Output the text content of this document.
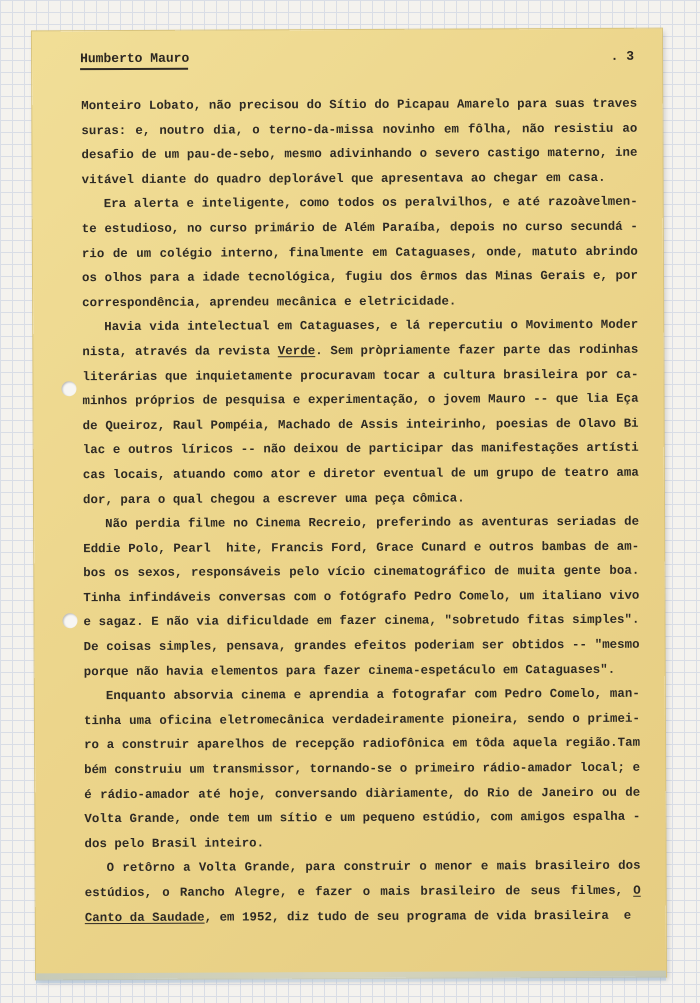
Humberto Mauro	. 3
Monteiro Lobato, não precisou do Sítio do Picapau Amarelo para suas traves
suras: e, noutro dia, o terno-da-missa novinho em fôlha, não resistiu ao
desafio de um pau-de-sebo, mesmo adivinhando o severo castigo materno, ine
vitável diante do quadro deplorável que apresentava ao chegar em casa.
Era alerta e inteligente, como todos os peralvilhos, e até razoàvelmen-
te estudioso, no curso primário de Além Paraíba, depois no curso secundá -
rio de um colégio interno, finalmente em Cataguases, onde, matuto abrindo
os olhos para a idade tecnológica, fugiu dos êrmos das Minas Gerais e, por
correspondência, aprendeu mecânica e eletricidade.
Havia vida intelectual em Cataguases, e lá repercutiu o Movimento Moder
nista, através da revista Verde. Sem pròpriamente fazer parte das rodinhas
literárias que inquietamente procuravam tocar a cultura brasileira por ca-
minhos próprios de pesquisa e experimentação, o jovem Mauro -- que lia Eça
de Queiroz, Raul Pompéia, Machado de Assis inteirinho, poesias de Olavo Bi
lac e outros líricos -- não deixou de participar das manifestações artísti
cas locais, atuando como ator e diretor eventual de um grupo de teatro ama
dor, para o qual chegou a escrever uma peça cômica.
Não perdia filme no Cinema Recreio, preferindo as aventuras seriadas de
Eddie Polo, Pearl  hite, Francis Ford, Grace Cunard e outros bambas de am-
bos os sexos, responsáveis pelo vício cinematográfico de muita gente boa.
Tinha infindáveis conversas com o fotógrafo Pedro Comelo, um italiano vivo
e sagaz. E não via dificuldade em fazer cinema, "sobretudo fitas simples".
De coisas simples, pensava, grandes efeitos poderiam ser obtidos -- "mesmo
porque não havia elementos para fazer cinema-espetáculo em Cataguases".
Enquanto absorvia cinema e aprendia a fotografar com Pedro Comelo, man-
tinha uma oficina eletromecânica verdadeiramente pioneira, sendo o primei-
ro a construir aparelhos de recepção radiofônica em tôda aquela região.Tam
bém construiu um transmissor, tornando-se o primeiro rádio-amador local; e
é rádio-amador até hoje, conversando diàriamente, do Rio de Janeiro ou de
Volta Grande, onde tem um sítio e um pequeno estúdio, com amigos espalha -
dos pelo Brasil inteiro.
O retôrno a Volta Grande, para construir o menor e mais brasileiro dos
estúdios, o Rancho Alegre, e fazer o mais brasileiro de seus filmes, O
Canto da Saudade, em 1952, diz tudo de seu programa de vida brasileira  e
